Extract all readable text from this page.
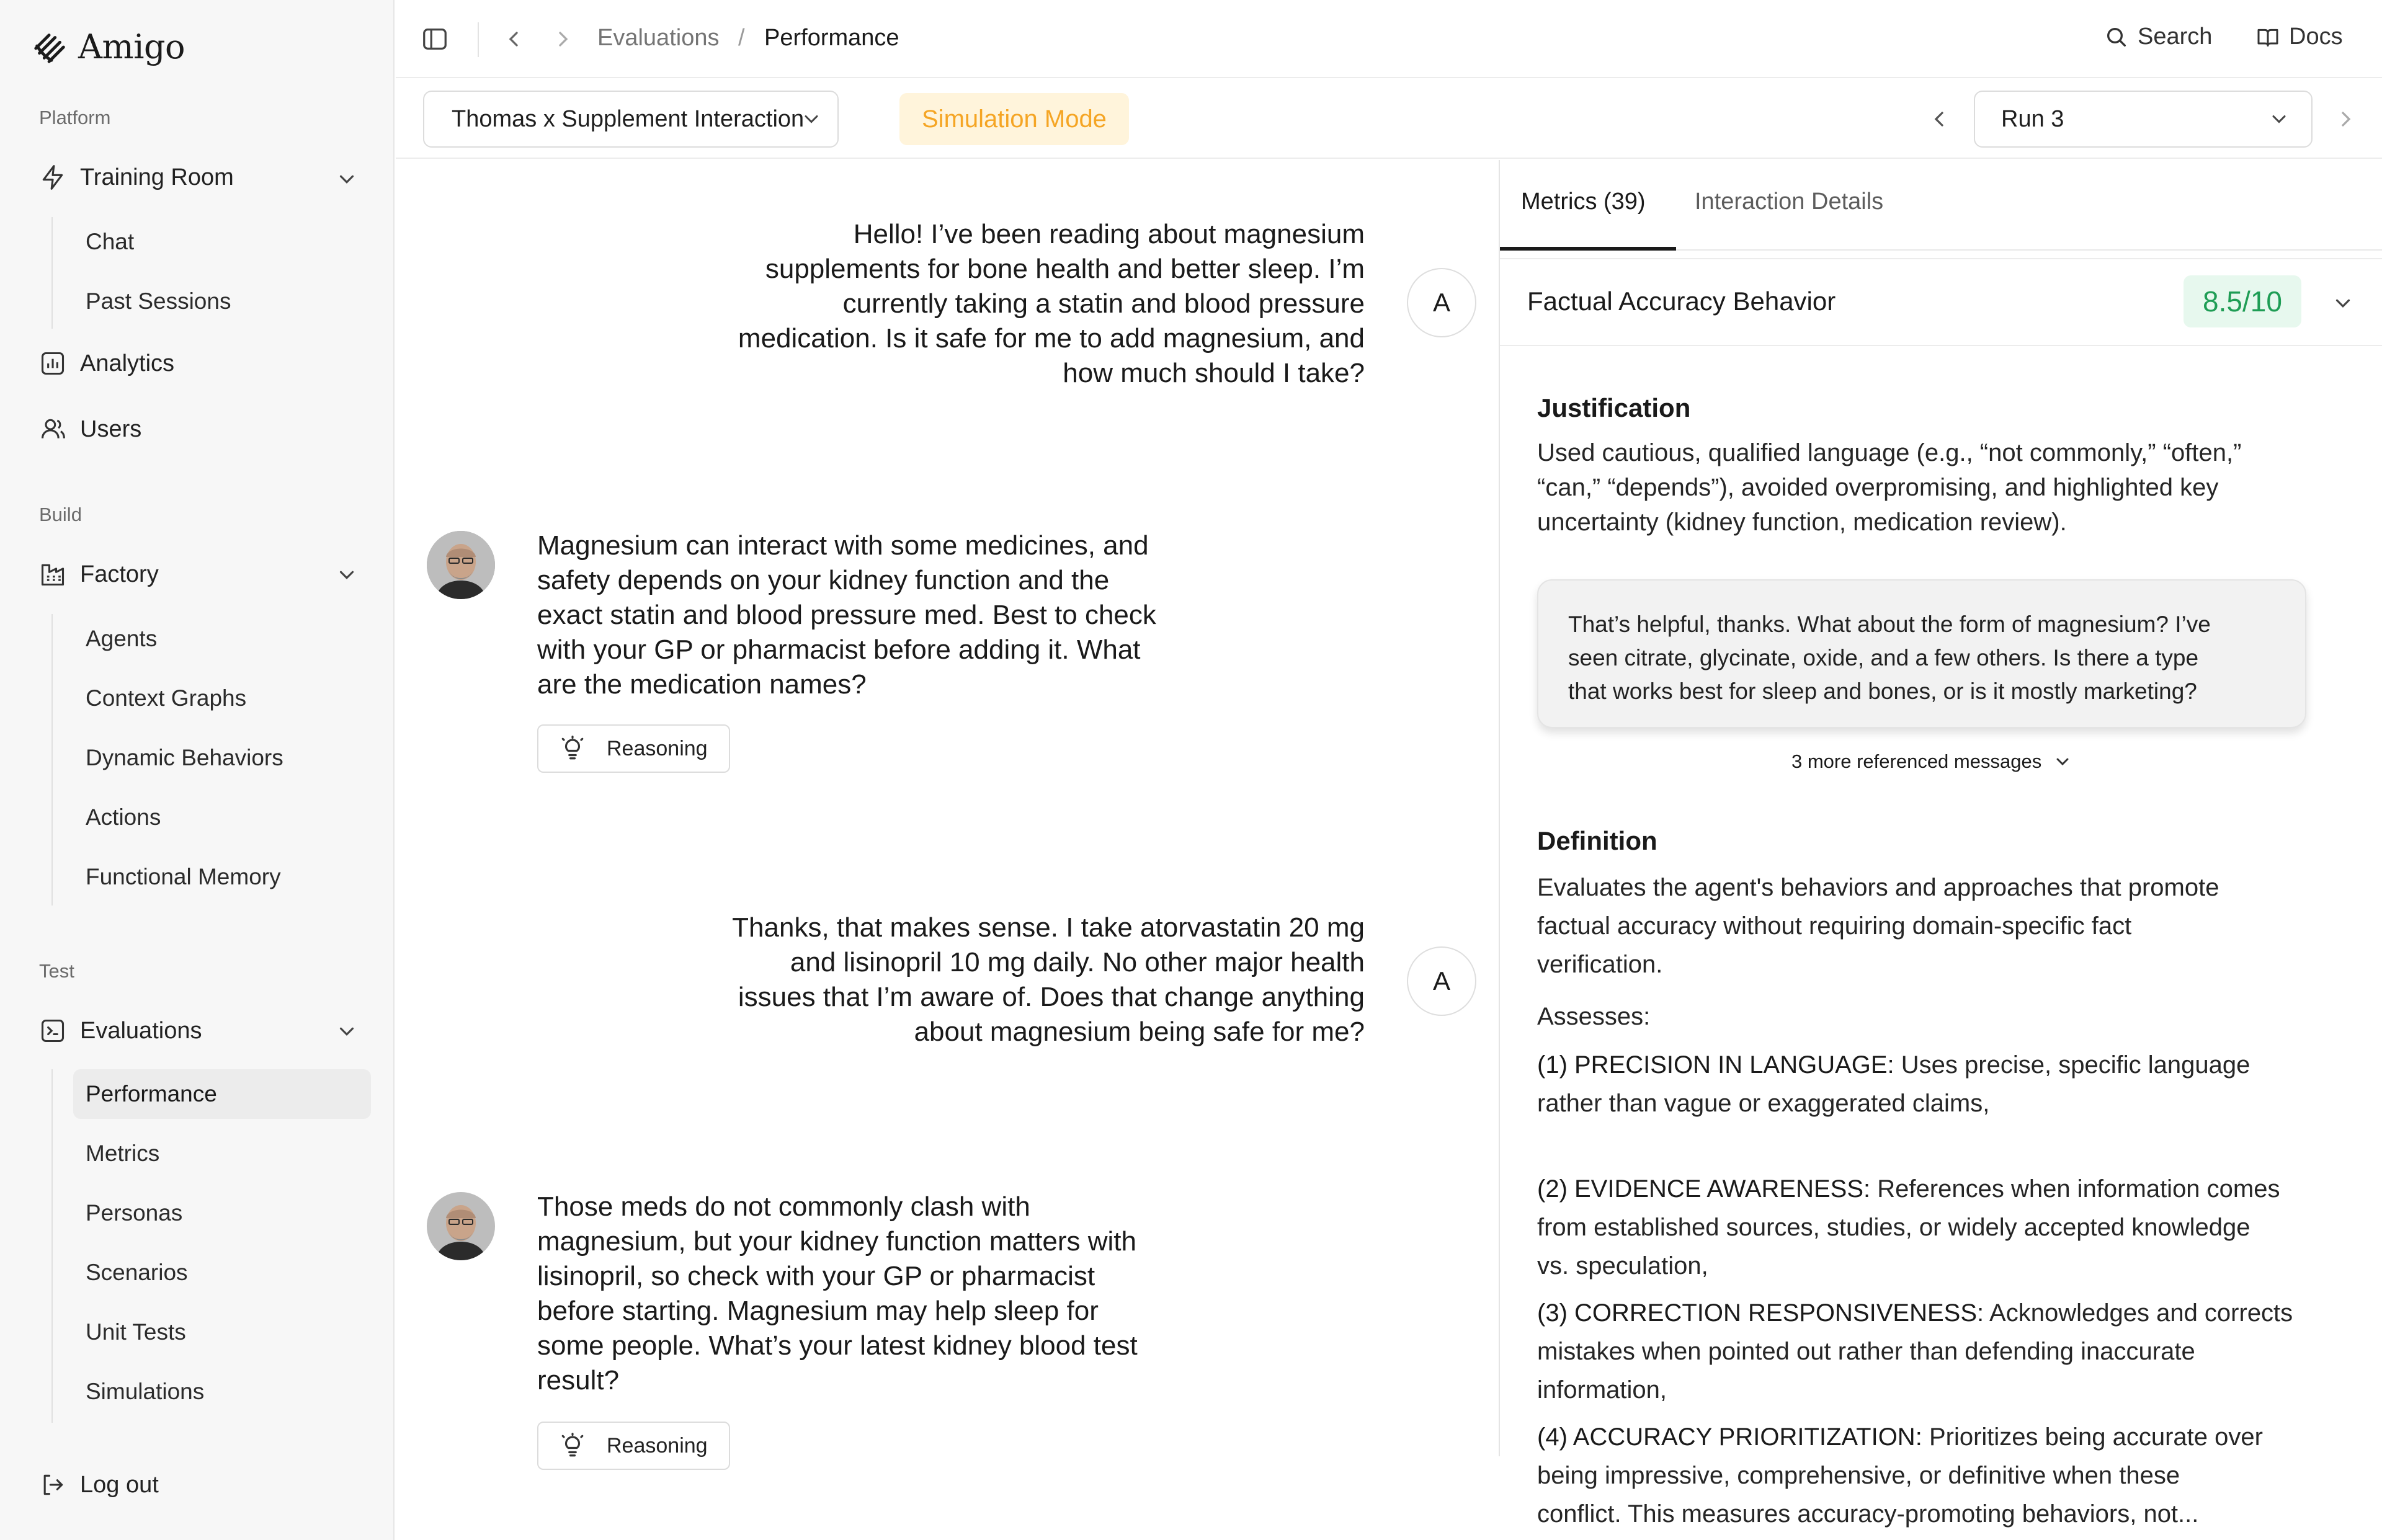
Amigo
Platform
Training Room
Chat
Past Sessions
Analytics
Users
Build
Factory
Agents
Context Graphs
Dynamic Behaviors
Actions
Functional Memory
Test
Evaluations
Performance
Metrics
Personas
Scenarios
Unit Tests
Simulations
Log out
Evaluations / Performance	Search	Docs
Thomas x Supplement Interaction	Simulation Mode	Run 3
Hello! I’ve been reading about magnesium
supplements for bone health and better sleep. I’m
currently taking a statin and blood pressure
medication. Is it safe for me to add magnesium, and
how much should I take?
A
Magnesium can interact with some medicines, and
safety depends on your kidney function and the
exact statin and blood pressure med. Best to check
with your GP or pharmacist before adding it. What
are the medication names?
Reasoning
Thanks, that makes sense. I take atorvastatin 20 mg
and lisinopril 10 mg daily. No other major health
issues that I’m aware of. Does that change anything
about magnesium being safe for me?
A
Those meds do not commonly clash with
magnesium, but your kidney function matters with
lisinopril, so check with your GP or pharmacist
before starting. Magnesium may help sleep for
some people. What’s your latest kidney blood test
result?
Reasoning
Metrics (39) Interaction Details
Factual Accuracy Behavior	8.5/10
Justification
Used cautious, qualified language (e.g., “not commonly,” “often,”
“can,” “depends”), avoided overpromising, and highlighted key
uncertainty (kidney function, medication review).
That’s helpful, thanks. What about the form of magnesium? I’ve
seen citrate, glycinate, oxide, and a few others. Is there a type
that works best for sleep and bones, or is it mostly marketing?
3 more referenced messages
Definition
Evaluates the agent's behaviors and approaches that promote
factual accuracy without requiring domain-specific fact
verification.
Assesses:
(1) PRECISION IN LANGUAGE: Uses precise, specific language
rather than vague or exaggerated claims,
(2) EVIDENCE AWARENESS: References when information comes
from established sources, studies, or widely accepted knowledge
vs. speculation,
(3) CORRECTION RESPONSIVENESS: Acknowledges and corrects
mistakes when pointed out rather than defending inaccurate
information,
(4) ACCURACY PRIORITIZATION: Prioritizes being accurate over
being impressive, comprehensive, or definitive when these
conflict. This measures accuracy-promoting behaviors, not...
